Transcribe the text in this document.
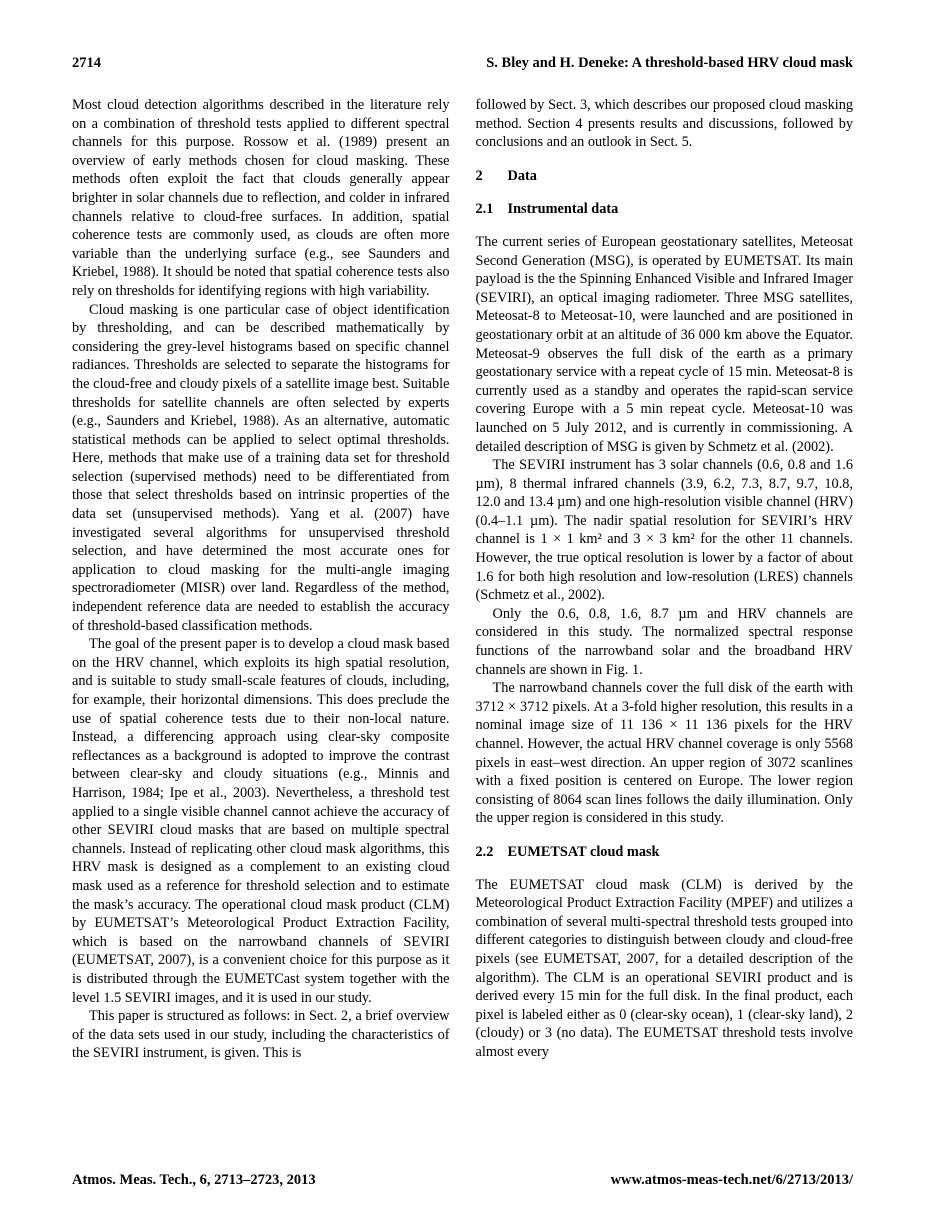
2714	S. Bley and H. Deneke: A threshold-based HRV cloud mask

Most cloud detection algorithms described in the literature rely on a combination of threshold tests applied to different spectral channels for this purpose. Rossow et al. (1989) present an overview of early methods chosen for cloud masking. These methods often exploit the fact that clouds generally appear brighter in solar channels due to reflection, and colder in infrared channels relative to cloud-free surfaces. In addition, spatial coherence tests are commonly used, as clouds are often more variable than the underlying surface (e.g., see Saunders and Kriebel, 1988). It should be noted that spatial coherence tests also rely on thresholds for identifying regions with high variability.

Cloud masking is one particular case of object identification by thresholding, and can be described mathematically by considering the grey-level histograms based on specific channel radiances. Thresholds are selected to separate the histograms for the cloud-free and cloudy pixels of a satellite image best. Suitable thresholds for satellite channels are often selected by experts (e.g., Saunders and Kriebel, 1988). As an alternative, automatic statistical methods can be applied to select optimal thresholds. Here, methods that make use of a training data set for threshold selection (supervised methods) need to be differentiated from those that select thresholds based on intrinsic properties of the data set (unsupervised methods). Yang et al. (2007) have investigated several algorithms for unsupervised threshold selection, and have determined the most accurate ones for application to cloud masking for the multi-angle imaging spectroradiometer (MISR) over land. Regardless of the method, independent reference data are needed to establish the accuracy of threshold-based classification methods.

The goal of the present paper is to develop a cloud mask based on the HRV channel, which exploits its high spatial resolution, and is suitable to study small-scale features of clouds, including, for example, their horizontal dimensions. This does preclude the use of spatial coherence tests due to their non-local nature. Instead, a differencing approach using clear-sky composite reflectances as a background is adopted to improve the contrast between clear-sky and cloudy situations (e.g., Minnis and Harrison, 1984; Ipe et al., 2003). Nevertheless, a threshold test applied to a single visible channel cannot achieve the accuracy of other SEVIRI cloud masks that are based on multiple spectral channels. Instead of replicating other cloud mask algorithms, this HRV mask is designed as a complement to an existing cloud mask used as a reference for threshold selection and to estimate the mask’s accuracy. The operational cloud mask product (CLM) by EUMETSAT’s Meteorological Product Extraction Facility, which is based on the narrowband channels of SEVIRI (EUMETSAT, 2007), is a convenient choice for this purpose as it is distributed through the EUMETCast system together with the level 1.5 SEVIRI images, and it is used in our study.

This paper is structured as follows: in Sect. 2, a brief overview of the data sets used in our study, including the characteristics of the SEVIRI instrument, is given. This is

followed by Sect. 3, which describes our proposed cloud masking method. Section 4 presents results and discussions, followed by conclusions and an outlook in Sect. 5.

2 Data
2.1 Instrumental data

The current series of European geostationary satellites, Meteosat Second Generation (MSG), is operated by EUMETSAT. Its main payload is the the Spinning Enhanced Visible and Infrared Imager (SEVIRI), an optical imaging radiometer. Three MSG satellites, Meteosat-8 to Meteosat-10, were launched and are positioned in geostationary orbit at an altitude of 36 000 km above the Equator. Meteosat-9 observes the full disk of the earth as a primary geostationary service with a repeat cycle of 15 min. Meteosat-8 is currently used as a standby and operates the rapid-scan service covering Europe with a 5 min repeat cycle. Meteosat-10 was launched on 5 July 2012, and is currently in commissioning. A detailed description of MSG is given by Schmetz et al. (2002).

The SEVIRI instrument has 3 solar channels (0.6, 0.8 and 1.6 µm), 8 thermal infrared channels (3.9, 6.2, 7.3, 8.7, 9.7, 10.8, 12.0 and 13.4 µm) and one high-resolution visible channel (HRV) (0.4–1.1 µm). The nadir spatial resolution for SEVIRI’s HRV channel is 1 × 1 km² and 3 × 3 km² for the other 11 channels. However, the true optical resolution is lower by a factor of about 1.6 for both high resolution and low-resolution (LRES) channels (Schmetz et al., 2002).

Only the 0.6, 0.8, 1.6, 8.7 µm and HRV channels are considered in this study. The normalized spectral response functions of the narrowband solar and the broadband HRV channels are shown in Fig. 1.

The narrowband channels cover the full disk of the earth with 3712 × 3712 pixels. At a 3-fold higher resolution, this results in a nominal image size of 11 136 × 11 136 pixels for the HRV channel. However, the actual HRV channel coverage is only 5568 pixels in east–west direction. An upper region of 3072 scanlines with a fixed position is centered on Europe. The lower region consisting of 8064 scan lines follows the daily illumination. Only the upper region is considered in this study.

2.2 EUMETSAT cloud mask

The EUMETSAT cloud mask (CLM) is derived by the Meteorological Product Extraction Facility (MPEF) and utilizes a combination of several multi-spectral threshold tests grouped into different categories to distinguish between cloudy and cloud-free pixels (see EUMETSAT, 2007, for a detailed description of the algorithm). The CLM is an operational SEVIRI product and is derived every 15 min for the full disk. In the final product, each pixel is labeled either as 0 (clear-sky ocean), 1 (clear-sky land), 2 (cloudy) or 3 (no data). The EUMETSAT threshold tests involve almost every

Atmos. Meas. Tech., 6, 2713–2723, 2013	www.atmos-meas-tech.net/6/2713/2013/
